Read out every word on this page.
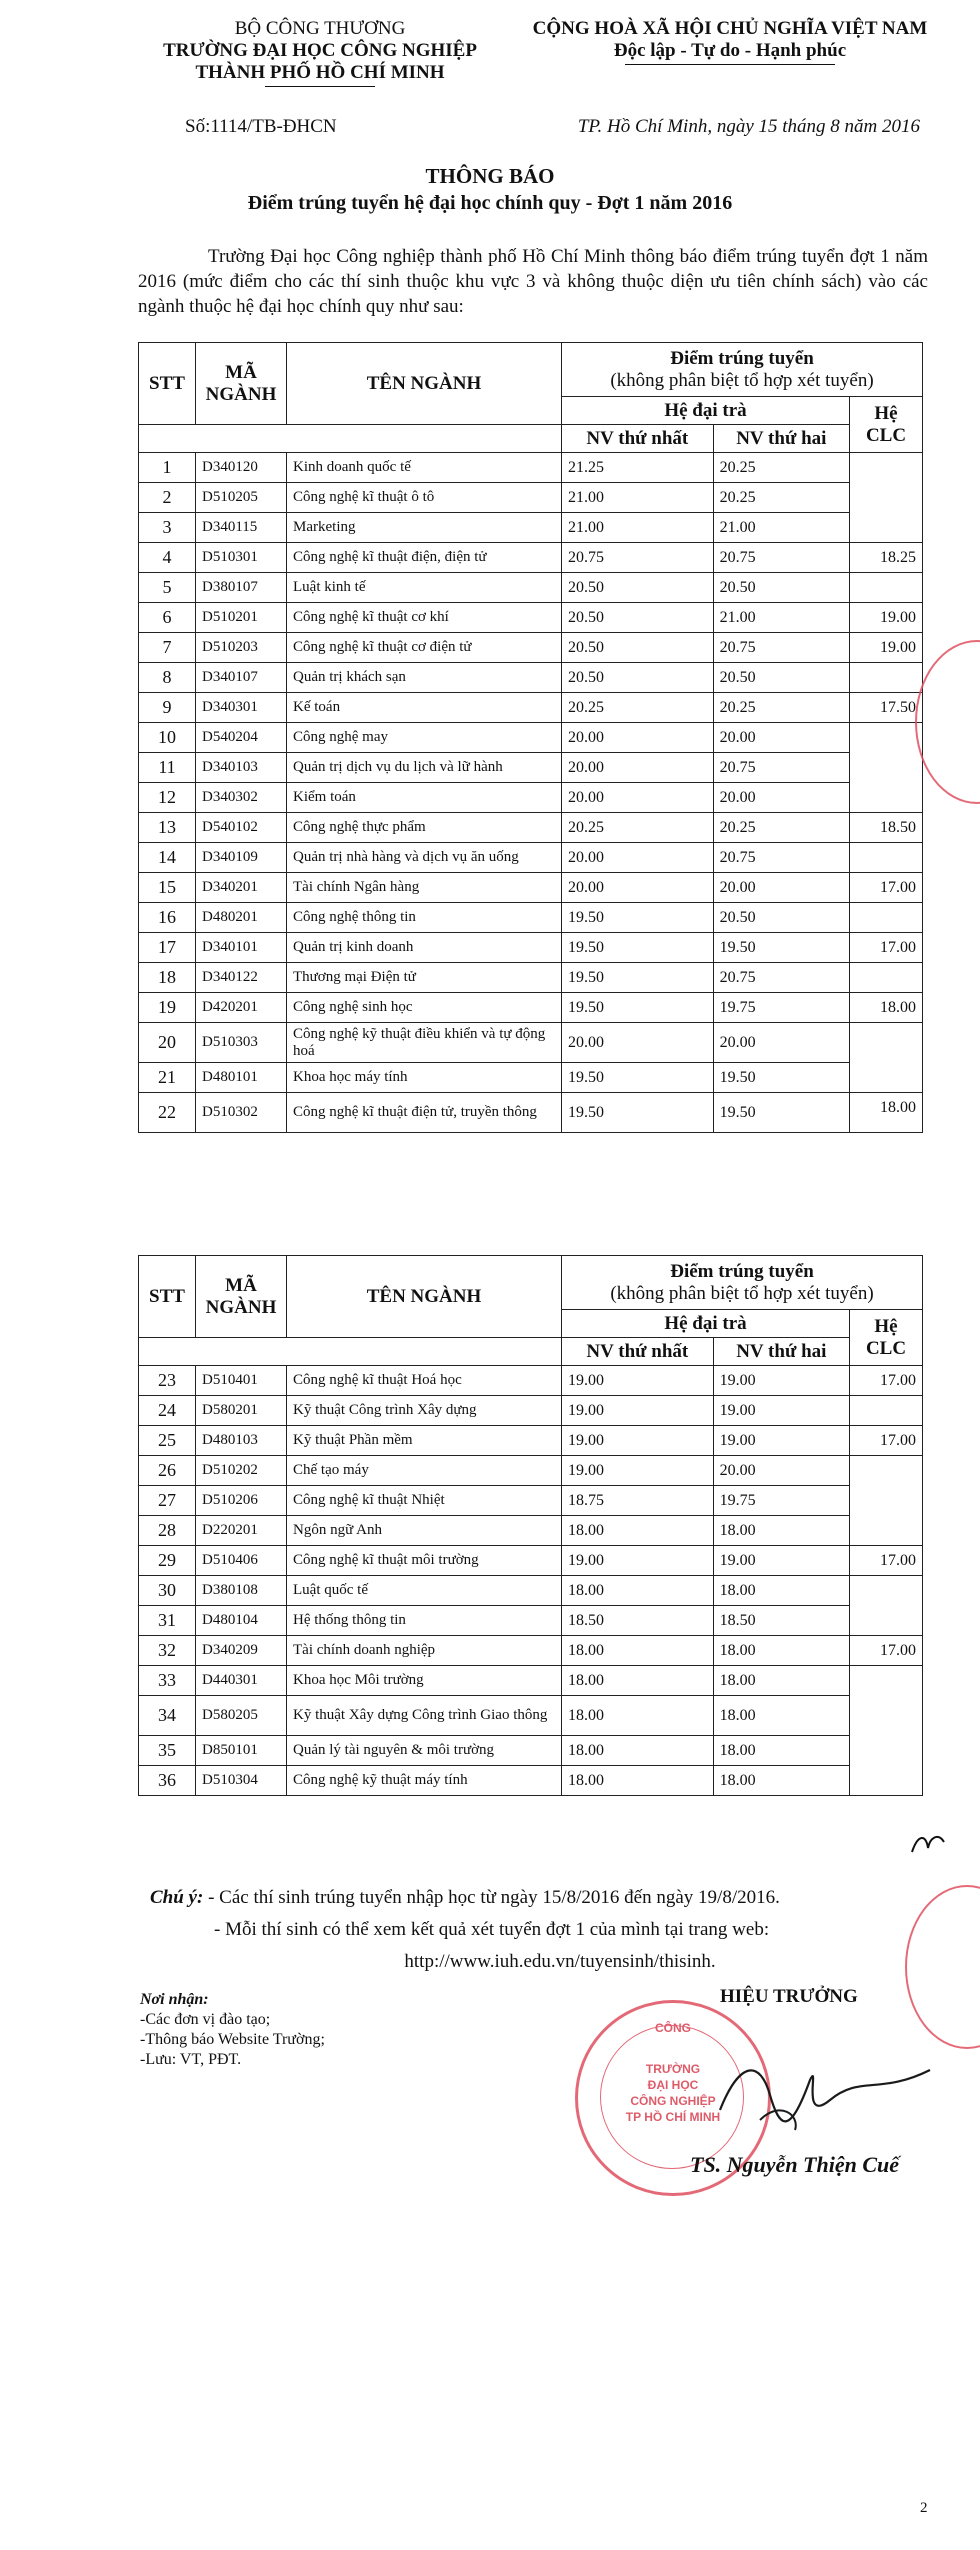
BỘ CÔNG THƯƠNG
TRƯỜNG ĐẠI HỌC CÔNG NGHIỆP
THÀNH PHỐ HỒ CHÍ MINH
CỘNG HOÀ XÃ HỘI CHỦ NGHĨA VIỆT NAM
Độc lập - Tự do - Hạnh phúc
Số:1114/TB-ĐHCN	TP. Hồ Chí Minh, ngày 15 tháng 8 năm 2016
THÔNG BÁO
Điểm trúng tuyển hệ đại học chính quy - Đợt 1 năm 2016
Trường Đại học Công nghiệp thành phố Hồ Chí Minh thông báo điểm trúng tuyển đợt 1 năm 2016 (mức điểm cho các thí sinh thuộc khu vực 3 và không thuộc diện ưu tiên chính sách) vào các ngành thuộc hệ đại học chính quy như sau:
STT	MÃ NGÀNH	TÊN NGÀNH	Điểm trúng tuyển
(không phân biệt tổ hợp xét tuyển)		

			Hệ đại trà		Hệ CLC
			NV thứ nhất	NV thứ hai	
1	D340120	Kinh doanh quốc tế	21.25	20.25	
2	D510205	Công nghệ kĩ thuật ô tô	21.00	20.25	
3	D340115	Marketing	21.00	21.00	
4	D510301	Công nghệ kĩ thuật điện, điện tử	20.75	20.75	18.25
5	D380107	Luật kinh tế	20.50	20.50	
6	D510201	Công nghệ kĩ thuật cơ khí	20.50	21.00	19.00
7	D510203	Công nghệ kĩ thuật cơ điện tử	20.50	20.75	19.00
8	D340107	Quản trị khách sạn	20.50	20.50	
9	D340301	Kế toán	20.25	20.25	17.50
10	D540204	Công nghệ may	20.00	20.00	
11	D340103	Quản trị dịch vụ du lịch và lữ hành	20.00	20.75	
12	D340302	Kiểm toán	20.00	20.00	
13	D540102	Công nghệ thực phẩm	20.25	20.25	18.50
14	D340109	Quản trị nhà hàng và dịch vụ ăn uống	20.00	20.75	
15	D340201	Tài chính Ngân hàng	20.00	20.00	17.00
16	D480201	Công nghệ thông tin	19.50	20.50	
17	D340101	Quản trị kinh doanh	19.50	19.50	17.00
18	D340122	Thương mại Điện tử	19.50	20.75	
19	D420201	Công nghệ sinh học	19.50	19.75	18.00
20	D510303	Công nghệ kỹ thuật điều khiển và tự động hoá	20.00	20.00	
21	D480101	Khoa học máy tính	19.50	19.50	
22	D510302	Công nghệ kĩ thuật điện tử, truyền thông	19.50	19.50	18.00
STT	MÃ NGÀNH	TÊN NGÀNH	Điểm trúng tuyển
(không phân biệt tổ hợp xét tuyển)		

			Hệ đại trà		Hệ CLC
			NV thứ nhất	NV thứ hai	
23	D510401	Công nghệ kĩ thuật Hoá học	19.00	19.00	17.00
24	D580201	Kỹ thuật Công trình Xây dựng	19.00	19.00	
25	D480103	Kỹ thuật Phần mềm	19.00	19.00	17.00
26	D510202	Chế tạo máy	19.00	20.00	
27	D510206	Công nghệ kĩ thuật Nhiệt	18.75	19.75	
28	D220201	Ngôn ngữ Anh	18.00	18.00	
29	D510406	Công nghệ kĩ thuật môi trường	19.00	19.00	17.00
30	D380108	Luật quốc tế	18.00	18.00	
31	D480104	Hệ thống thông tin	18.50	18.50	
32	D340209	Tài chính doanh nghiệp	18.00	18.00	17.00
33	D440301	Khoa học Môi trường	18.00	18.00	
34	D580205	Kỹ thuật Xây dựng Công trình Giao thông	18.00	18.00	
35	D850101	Quản lý tài nguyên & môi trường	18.00	18.00	
36	D510304	Công nghệ kỹ thuật máy tính	18.00	18.00	
Chú ý: - Các thí sinh trúng tuyển nhập học từ ngày 15/8/2016 đến ngày 19/8/2016.
- Mỗi thí sinh có thể xem kết quả xét tuyển đợt 1 của mình tại trang web:
http://www.iuh.edu.vn/tuyensinh/thisinh.
Nơi nhận:
-Các đơn vị đào tạo;
-Thông báo Website Trường;
-Lưu: VT, PĐT.
HIỆU TRƯỞNG
CÔNG
TRƯỜNG
ĐẠI HỌC
CÔNG NGHIỆP
TP HỒ CHÍ MINH
TS. Nguyễn Thiện Cuế
2
